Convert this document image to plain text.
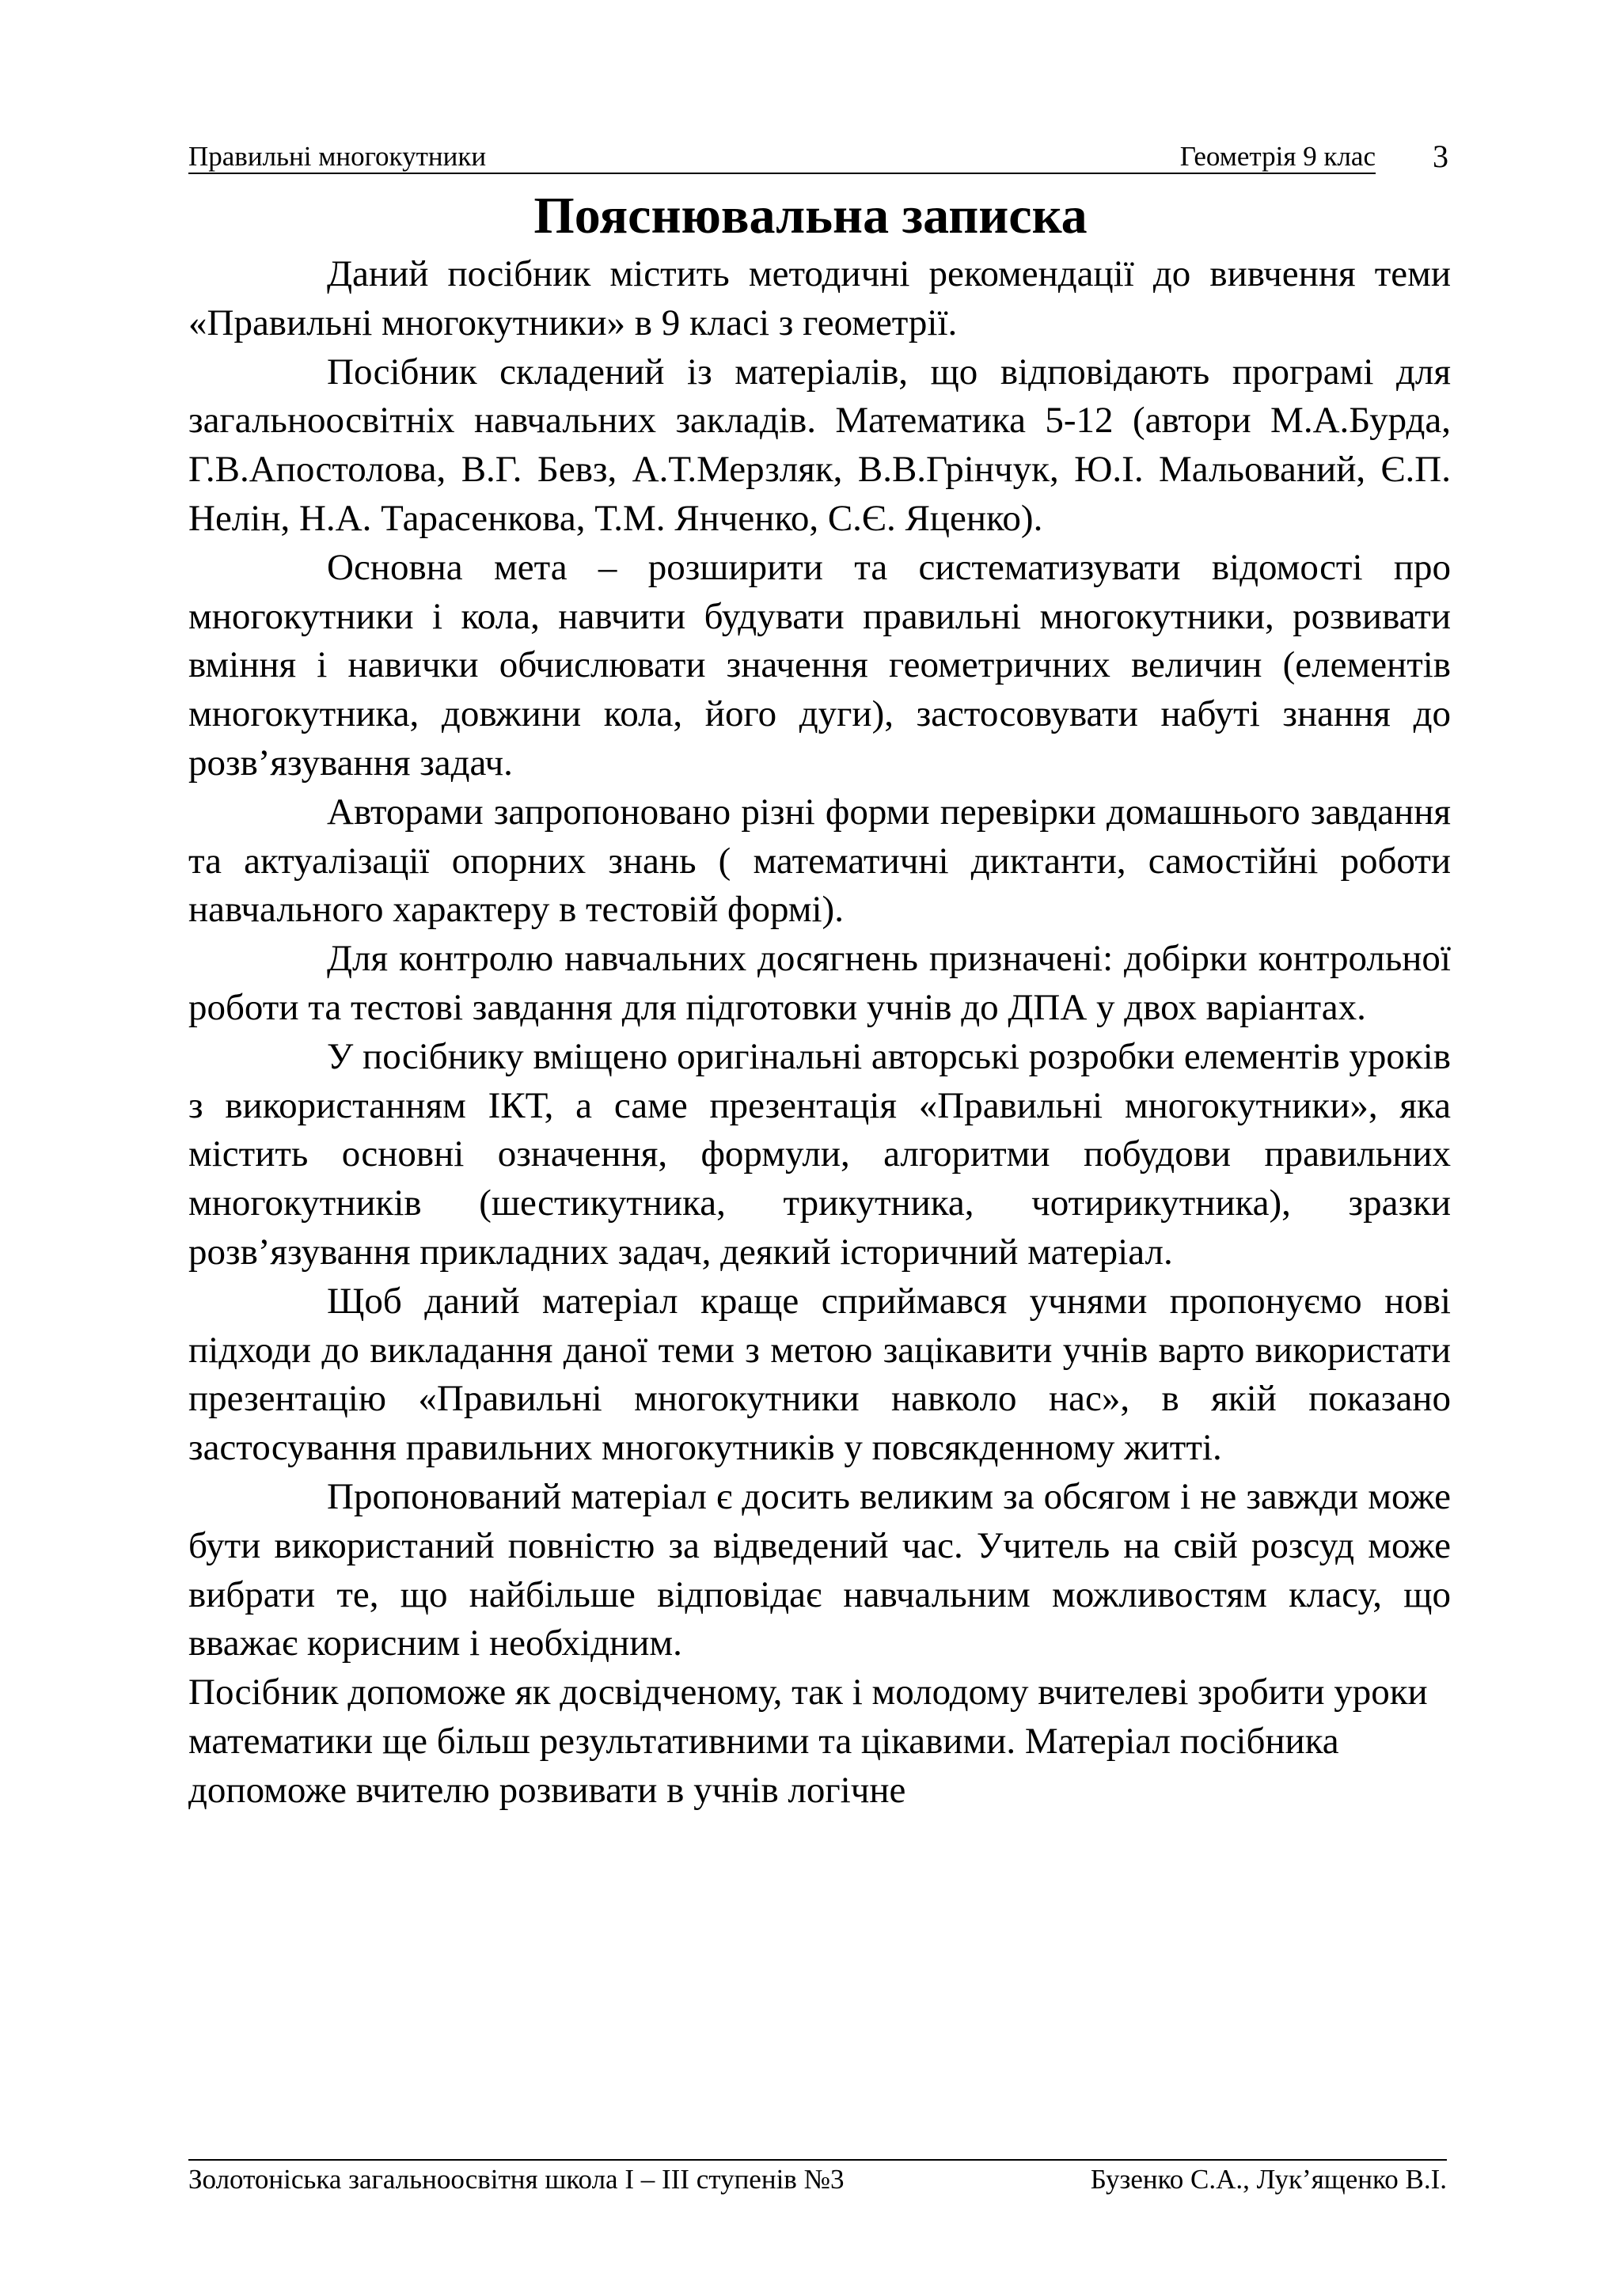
Правильні многокутники	Геометрія 9 клас 3
Пояснювальна записка

Даний посібник містить методичні рекомендації до вивчення теми «Правильні многокутники» в 9 класі з геометрії.

Посібник складений із матеріалів, що відповідають програмі для загальноосвітніх навчальних закладів. Математика 5-12 (автори М.А.Бурда, Г.В.Апостолова, В.Г. Бевз, А.Т.Мерзляк, В.В.Грінчук, Ю.І. Мальований, Є.П. Нелін, Н.А. Тарасенкова, Т.М. Янченко, С.Є. Яценко).

Основна мета – розширити та систематизувати відомості про многокутники і кола, навчити будувати правильні многокутники, розвивати вміння і навички обчислювати значення геометричних величин (елементів многокутника, довжини кола, його дуги), застосовувати набуті знання до розв’язування задач.

Авторами запропоновано різні форми перевірки домашнього завдання та актуалізації опорних знань ( математичні диктанти, самостійні роботи навчального характеру в тестовій формі).

Для контролю навчальних досягнень призначені: добірки контрольної роботи та тестові завдання для підготовки учнів до ДПА у двох варіантах.

У посібнику вміщено оригінальні авторські розробки елементів уроків з використанням ІКТ, а саме презентація «Правильні многокутники», яка містить основні означення, формули, алгоритми побудови правильних многокутників (шестикутника, трикутника, чотирикутника), зразки розв’язування прикладних задач, деякий історичний матеріал.

Щоб даний матеріал краще сприймався учнями пропонуємо нові підходи до викладання даної теми з метою зацікавити учнів варто використати презентацію «Правильні многокутники навколо нас», в якій показано застосування правильних многокутників у повсякденному житті.

Пропонований матеріал є досить великим за обсягом і не завжди може бути використаний повністю за відведений час. Учитель на свій розсуд може вибрати те, що найбільше відповідає навчальним можливостям класу, що вважає корисним і необхідним.

Посібник допоможе як досвідченому, так і молодому вчителеві зробити уроки математики ще більш результативними та цікавими. Матеріал посібника допоможе вчителю розвивати в учнів логічне

Золотоніська загальноосвітня школа І – ІІІ ступенів №3	Бузенко С.А., Лук’ященко В.І.
